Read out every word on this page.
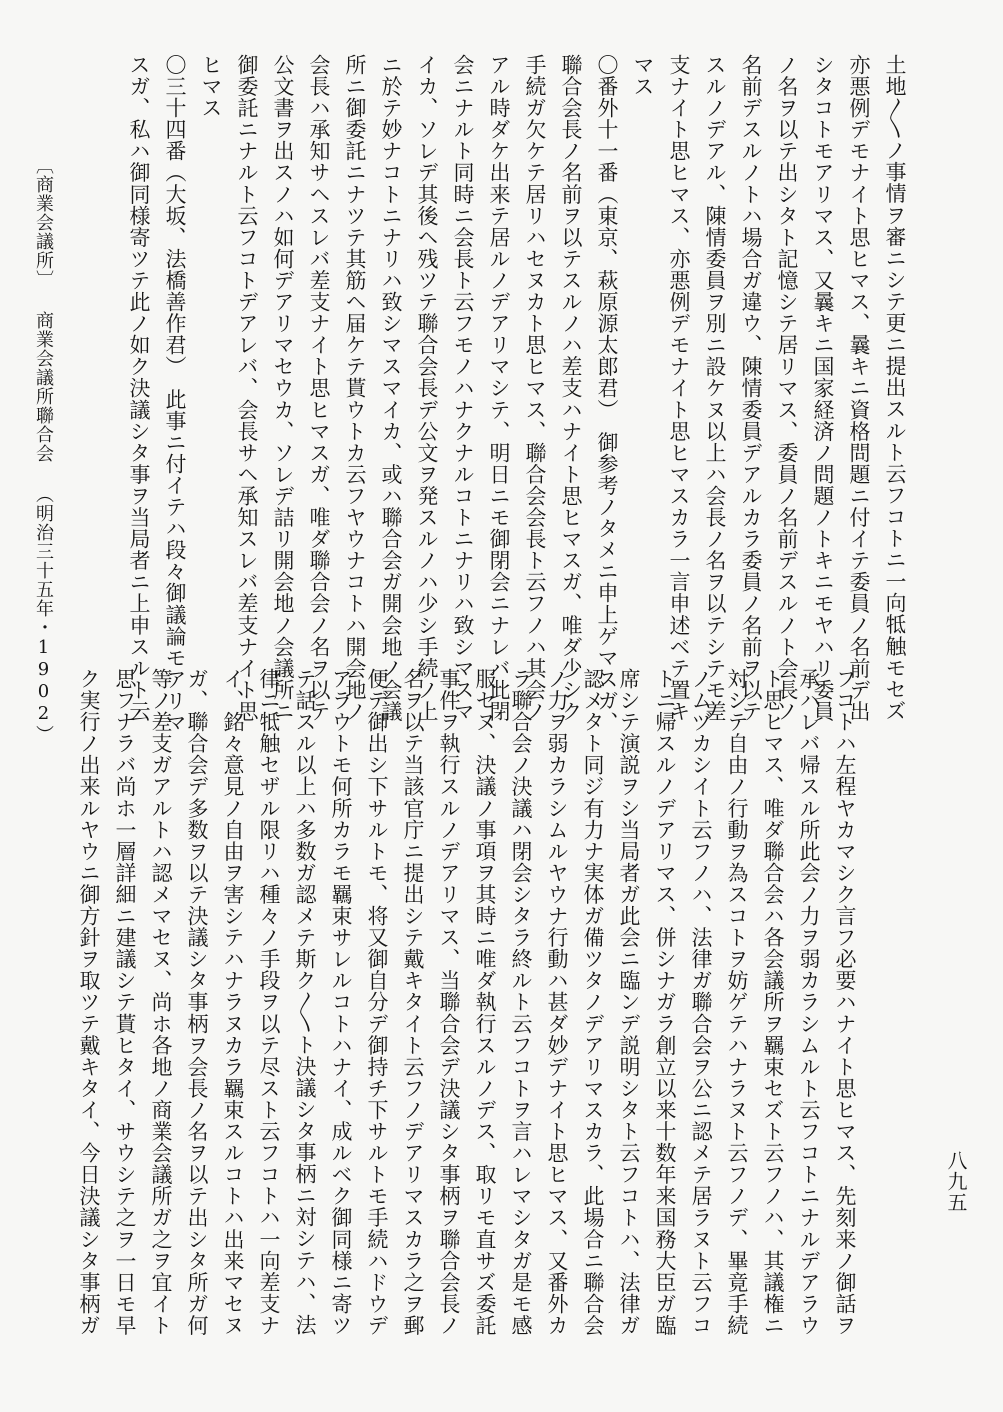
土地〳〵ノ事情ヲ審ニシテ更ニ提出スルト云フコトニ一向牴触モセズ
亦悪例デモナイト思ヒマス、曩キニ資格問題ニ付イテ委員ノ名前デ出
シタコトモアリマス、又曩キニ国家経済ノ問題ノトキニモヤハリ委員
ノ名ヲ以テ出シタト記憶シテ居リマス、委員ノ名前デスルノト会長ノ
名前デスルノトハ場合ガ違ウ、陳情委員デアルカラ委員ノ名前ヲ以テ
スルノデアル、陳情委員ヲ別ニ設ケヌ以上ハ会長ノ名ヲ以テシテモ差
支ナイト思ヒマス、亦悪例デモナイト思ヒマスカラ一言申述ベテ置キ
マス
〇番外十一番（東京、萩原源太郎君）　御参考ノタメニ申上ゲマスガ、
聯合会長ノ名前ヲ以テスルノハ差支ハナイト思ヒマスガ、唯ダ少シク
手続ガ欠ケテ居リハセヌカト思ヒマス、聯合会会長ト云フノハ其会ノ
アル時ダケ出来テ居ルノデアリマシテ、明日ニモ御閉会ニナレバ此閉
会ニナルト同時ニ会長ト云フモノハナクナルコトニナリハ致シマスマ
イカ、ソレデ其後ヘ残ツテ聯合会長デ公文ヲ発スルノハ少シ手続ノ上
ニ於テ妙ナコトニナリハ致シマスマイカ、或ハ聯合会ガ開会地ノ会議
所ニ御委託ニナツテ其筋ヘ届ケテ貰ウトカ云フヤウナコトハ開会地ノ
会長ハ承知サヘスレバ差支ナイト思ヒマスガ、唯ダ聯合会ノ名ヲ以テ
公文書ヲ出スノハ如何デアリマセウカ、ソレデ詰リ開会地ノ会議所ニ
御委託ニナルト云フコトデアレバ、会長サヘ承知スレバ差支ナイト思
ヒマス
〇三十四番（大坂、法橋善作君）　此事ニ付イテハ段々御議論モアリマ
スガ、私ハ御同様寄ツテ此ノ如ク決議シタ事ヲ当局者ニ上申スルト云
フコトハ左程ヤカマシク言フ必要ハナイト思ヒマス、先刻来ノ御話ヲ
承ハレバ帰スル所此会ノ力ヲ弱カラシムルト云フコトニナルデアラウ
ト思ヒマス、唯ダ聯合会ハ各会議所ヲ羈束セズト云フノハ、其議権ニ
対シテ自由ノ行動ヲ為スコトヲ妨ゲテハナラヌト云フノデ、畢竟手続
ノムヅカシイト云フノハ、法律ガ聯合会ヲ公ニ認メテ居ラヌト云フコ
トニ帰スルノデアリマス、併シナガラ創立以来十数年来国務大臣ガ臨
席シテ演説ヲシ当局者ガ此会ニ臨ンデ説明シタト云フコトハ、法律ガ
認メタト同ジ有力ナ実体ガ備ツタノデアリマスカラ、此場合ニ聯合会
ノ力ヲ弱カラシムルヤウナ行動ハ甚ダ妙デナイト思ヒマス、又番外カ
ラ聯合会ノ決議ハ閉会シタラ終ルト云フコトヲ言ハレマシタガ是モ感
服セヌ、決議ノ事項ヲ其時ニ唯ダ執行スルノデス、取リモ直サズ委託
事件ヲ執行スルノデアリマス、当聯合会デ決議シタ事柄ヲ聯合会長ノ
名ヲ以テ当該官庁ニ提出シテ戴キタイト云フノデアリマスカラ之ヲ郵
便デ御出シ下サルトモ、将又御自分デ御持チ下サルトモ手続ハドウデ
アラウトモ何所カラモ羈束サレルコトハナイ、成ルベク御同様ニ寄ツ
テ話スル以上ハ多数ガ認メテ斯ク〳〵ト決議シタ事柄ニ対シテハ、法
律ニ牴触セザル限リハ種々ノ手段ヲ以テ尽スト云フコトハ一向差支ナ
イ、銘々意見ノ自由ヲ害シテハナラヌカラ羈束スルコトハ出来マセヌ
ガ、聯合会デ多数ヲ以テ決議シタ事柄ヲ会長ノ名ヲ以テ出シタ所ガ何
等ノ差支ガアルトハ認メマセヌ、尚ホ各地ノ商業会議所ガ之ヲ宜イト
思フナラバ尚ホ一層詳細ニ建議シテ貰ヒタイ、サウシテ之ヲ一日モ早
ク実行ノ出来ルヤウニ御方針ヲ取ツテ戴キタイ、今日決議シタ事柄ガ	八九五
〔商業会議所〕商業会議所聯合会（明治三十五年・1902）
